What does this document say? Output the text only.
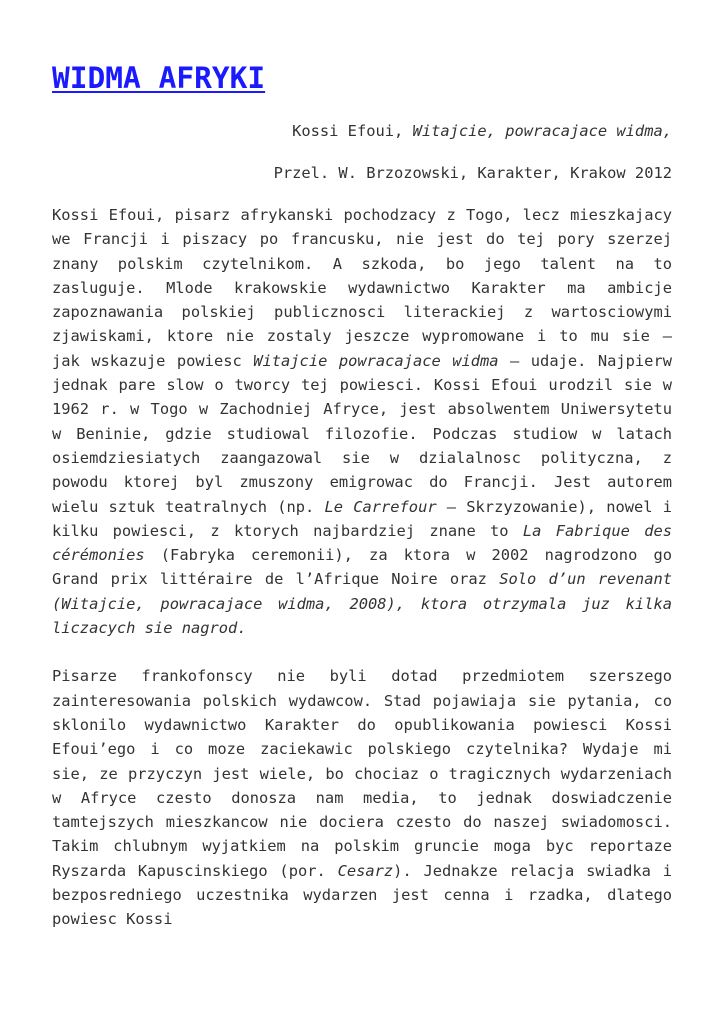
WIDMA AFRYKI

Kossi Efoui, Witajcie, powracajace widma,

Przel. W. Brzozowski, Karakter, Krakow 2012

Kossi Efoui, pisarz afrykanski pochodzacy z Togo, lecz mieszkajacy we Francji i piszacy po francusku, nie jest do tej pory szerzej znany polskim czytelnikom. A szkoda, bo jego talent na to zasluguje. Mlode krakowskie wydawnictwo Karakter ma ambicje zapoznawania polskiej publicznosci literackiej z wartosciowymi zjawiskami, ktore nie zostaly jeszcze wypromowane i to mu sie – jak wskazuje powiesc Witajcie powracajace widma – udaje. Najpierw jednak pare slow o tworcy tej powiesci. Kossi Efoui urodzil sie w 1962 r. w Togo w Zachodniej Afryce, jest absolwentem Uniwersytetu w Beninie, gdzie studiowal filozofie. Podczas studiow w latach osiemdziesiatych zaangazowal sie w dzialalnosc polityczna, z powodu ktorej byl zmuszony emigrowac do Francji. Jest autorem wielu sztuk teatralnych (np. Le Carrefour – Skrzyzowanie), nowel i kilku powiesci, z ktorych najbardziej znane to La Fabrique des cérémonies (Fabryka ceremonii), za ktora w 2002 nagrodzono go Grand prix littéraire de l’Afrique Noire oraz Solo d’un revenant (Witajcie, powracajace widma, 2008), ktora otrzymala juz kilka liczacych sie nagrod.

Pisarze frankofonscy nie byli dotad przedmiotem szerszego zainteresowania polskich wydawcow. Stad pojawiaja sie pytania, co sklonilo wydawnictwo Karakter do opublikowania powiesci Kossi Efoui’ego i co moze zaciekawic polskiego czytelnika? Wydaje mi sie, ze przyczyn jest wiele, bo chociaz o tragicznych wydarzeniach w Afryce czesto donosza nam media, to jednak doswiadczenie tamtejszych mieszkancow nie dociera czesto do naszej swiadomosci. Takim chlubnym wyjatkiem na polskim gruncie moga byc reportaze Ryszarda Kapuscinskiego (por. Cesarz). Jednakze relacja swiadka i bezposredniego uczestnika wydarzen jest cenna i rzadka, dlatego powiesc Kossi
